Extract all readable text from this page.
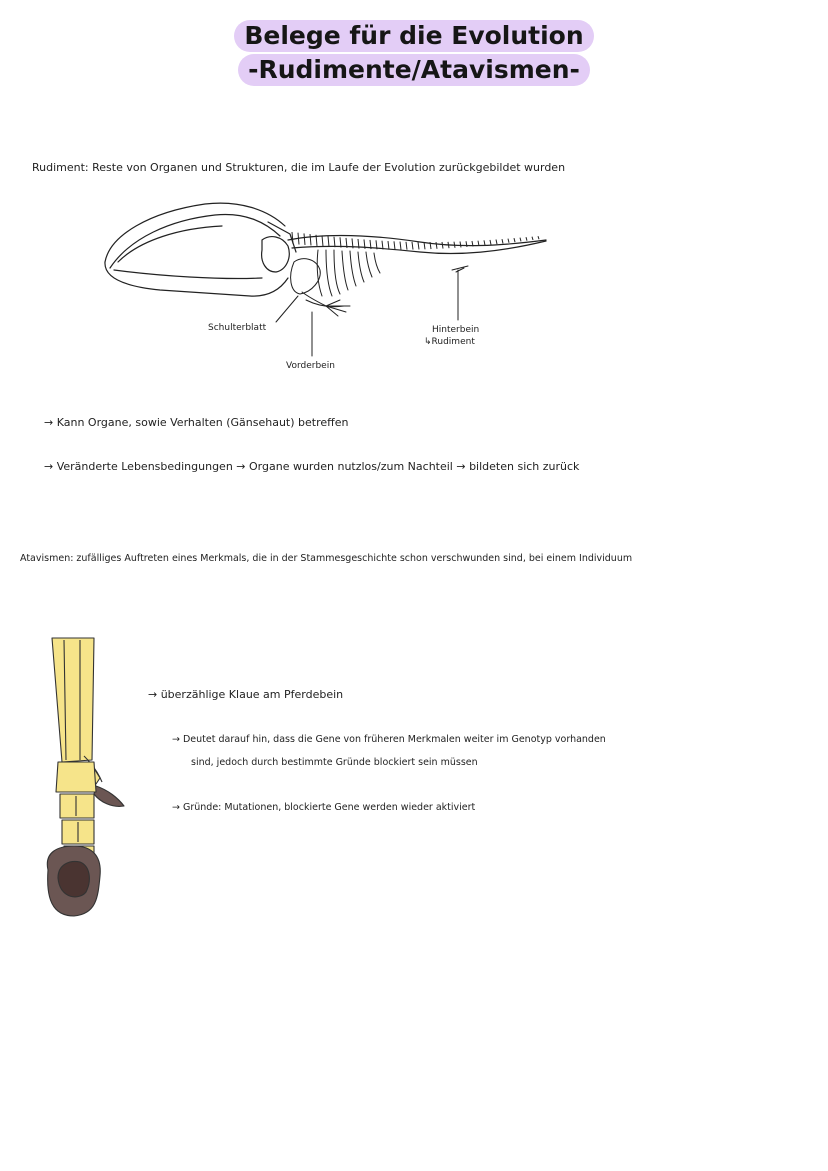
Belege für die Evolution
-Rudimente/Atavismen-
Rudiment: Reste von Organen und Strukturen, die im Laufe der Evolution zurückgebildet wurden
Schulterblatt
Vorderbein
Hinterbein
↳Rudiment
→ Kann Organe, sowie Verhalten (Gänsehaut) betreffen
→ Veränderte Lebensbedingungen → Organe wurden nutzlos/zum Nachteil → bildeten sich zurück
Atavismen: zufälliges Auftreten eines Merkmals, die in der Stammesgeschichte schon verschwunden sind, bei einem Individuum
→ überzählige Klaue am Pferdebein
→ Deutet darauf hin, dass die Gene von früheren Merkmalen weiter im Genotyp vorhanden
sind, jedoch durch bestimmte Gründe blockiert sein müssen
→ Gründe: Mutationen, blockierte Gene werden wieder aktiviert
